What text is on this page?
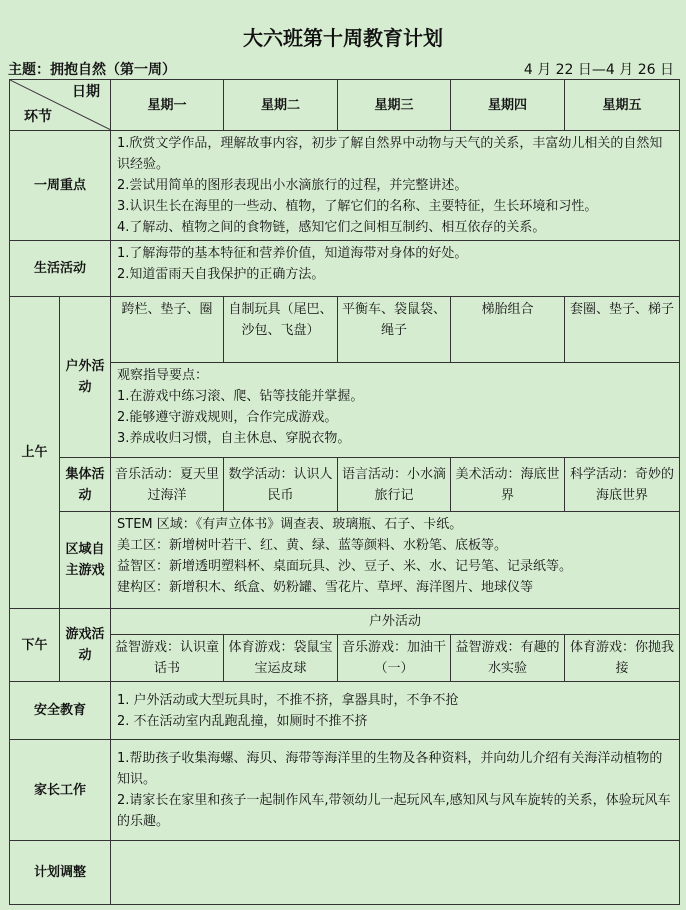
大六班第十周教育计划
主题：拥抱自然（第一周）	4 月 22 日—4 月 26 日
日期
环节		星期一	星期二	星期三	星期四	星期五
一周重点		1.欣赏文学作品，理解故事内容，初步了解自然界中动物与天气的关系，丰富幼儿相关的自然知识经验。
2.尝试用简单的图形表现出小水滴旅行的过程，并完整讲述。
3.认识生长在海里的一些动、植物，了解它们的名称、主要特征，生长环境和习性。
4.了解动、植物之间的食物链，感知它们之间相互制约、相互依存的关系。				

生活活动		1.了解海带的基本特征和营养价值，知道海带对身体的好处。
2.知道雷雨天自我保护的正确方法。				

上午	户外活动	跨栏、垫子、圈	自制玩具（尾巴、沙包、飞盘）	平衡车、袋鼠袋、绳子	梯胎组合	套圈、垫子、梯子

		观察指导要点：
1.在游戏中练习滚、爬、钻等技能并掌握。
2.能够遵守游戏规则，合作完成游戏。
3.养成收归习惯，自主休息、穿脱衣物。				

	集体活动	音乐活动：夏天里过海洋	数学活动：认识人民币	语言活动：小水滴旅行记	美术活动：海底世界	科学活动：奇妙的海底世界
	区域自主游戏	STEM 区域：《有声立体书》调查表、玻璃瓶、石子、卡纸。
美工区：新增树叶若干、红、黄、绿、蓝等颜料、水粉笔、底板等。
益智区：新增透明塑料杯、桌面玩具、沙、豆子、米、水、记号笔、记录纸等。
建构区：新增积木、纸盒、奶粉罐、雪花片、草坪、海洋图片、地球仪等				

下午	游戏活动	户外活动				
		益智游戏：认识童话书	体育游戏：袋鼠宝宝运皮球	音乐游戏：加油干（一）	益智游戏：有趣的水实验	体育游戏：你抛我接
安全教育		1. 户外活动或大型玩具时，不推不挤，拿器具时，不争不抢
2. 不在活动室内乱跑乱撞，如厕时不推不挤				

家长工作		1.帮助孩子收集海螺、海贝、海带等海洋里的生物及各种资料，并向幼儿介绍有关海洋动植物的知识。
2.请家长在家里和孩子一起制作风车,带领幼儿一起玩风车,感知风与风车旋转的关系，体验玩风车的乐趣。				

计划调整						
